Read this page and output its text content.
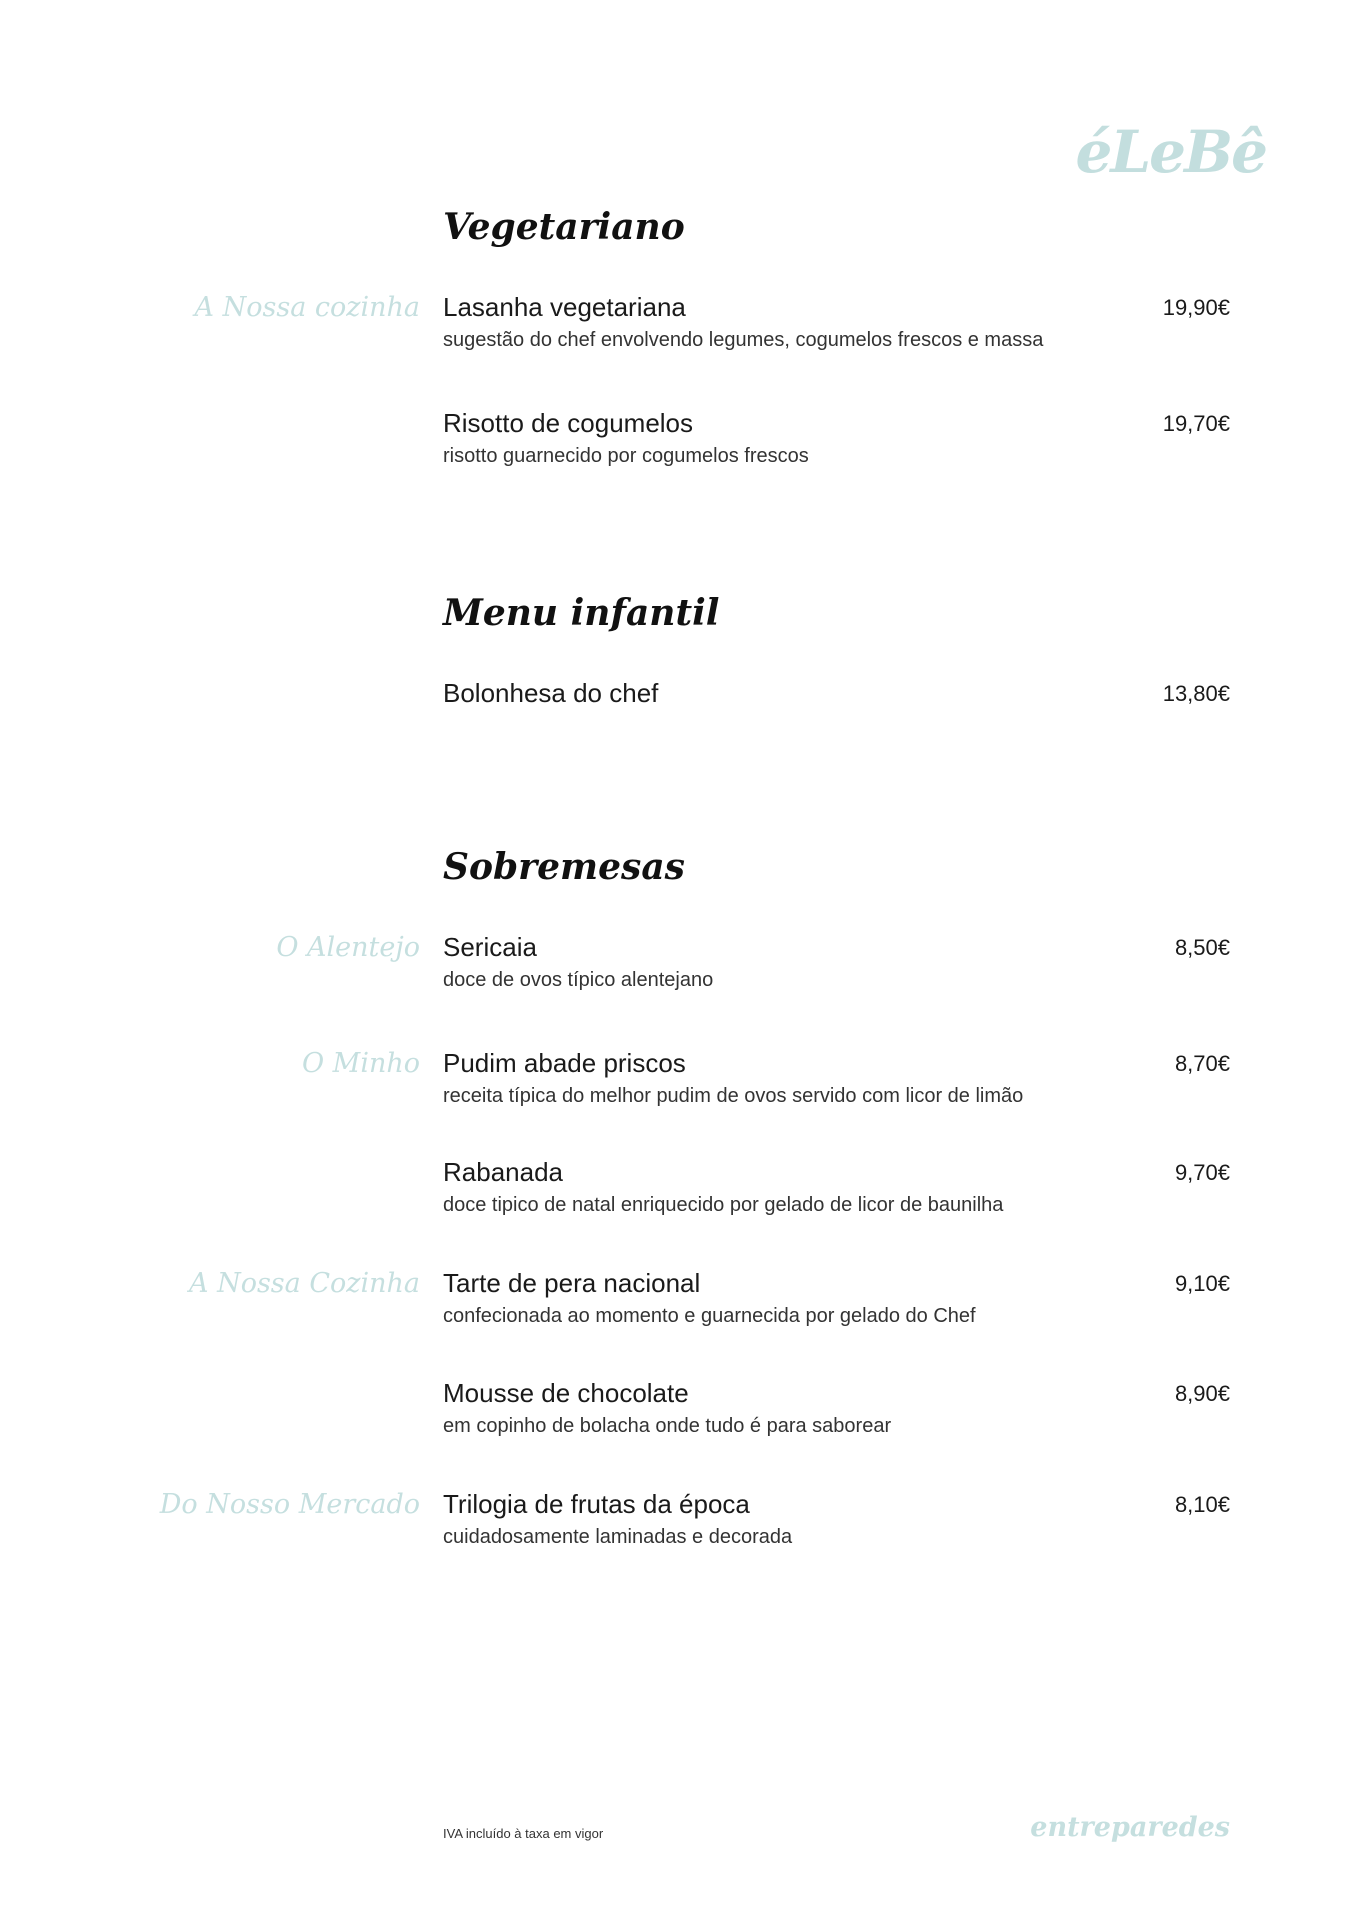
éLeBê
Vegetariano
A Nossa cozinha Lasanha vegetariana
sugestão do chef envolvendo legumes, cogumelos frescos e massa
19,90€
Risotto de cogumelos
risotto guarnecido por cogumelos frescos
19,70€
Menu infantil
Bolonhesa do chef	13,80€
Sobremesas
O Alentejo Sericaia
doce de ovos típico alentejano
8,50€
O Minho Pudim abade priscos
receita típica do melhor pudim de ovos servido com licor de limão
8,70€
Rabanada
doce tipico de natal enriquecido por gelado de licor de baunilha
9,70€
A Nossa Cozinha Tarte de pera nacional
confecionada ao momento e guarnecida por gelado do Chef
9,10€
Mousse de chocolate
em copinho de bolacha onde tudo é para saborear
8,90€
Do Nosso Mercado Trilogia de frutas da época
cuidadosamente laminadas e decorada
8,10€
IVA incluído à taxa em vigor	entreparedes
